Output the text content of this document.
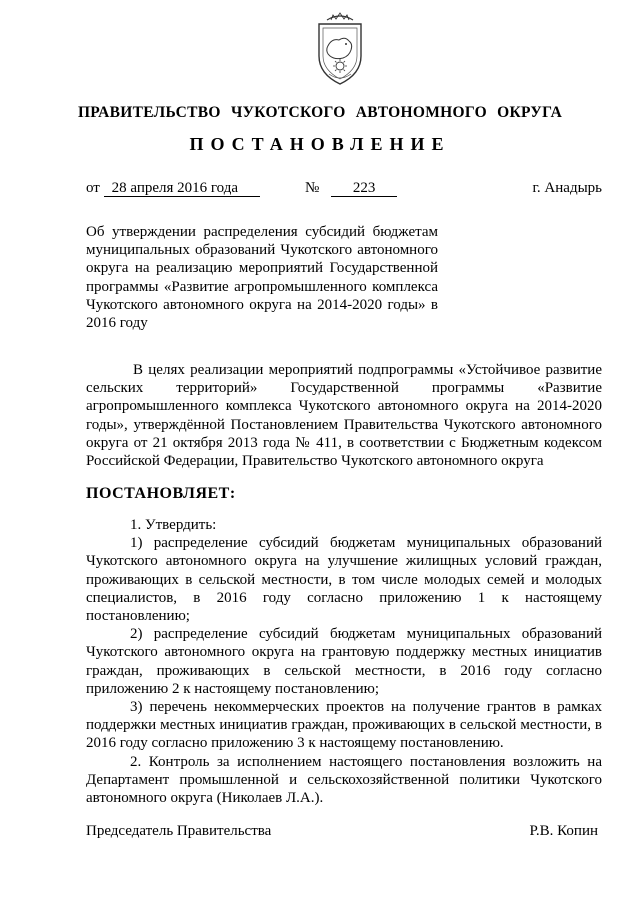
ПРАВИТЕЛЬСТВО ЧУКОТСКОГО АВТОНОМНОГО ОКРУГА
ПОСТАНОВЛЕНИЕ
от 28 апреля 2016 года	№ 223	г. Анадырь
Об утверждении распределения субсидий бюджетам муниципальных образований Чукотского автономного округа на реализацию мероприятий Государственной программы «Развитие агропромышленного комплекса Чукотского автономного округа на 2014-2020 годы» в 2016 году

В целях реализации мероприятий подпрограммы «Устойчивое развитие сельских территорий» Государственной программы «Развитие агропромышленного комплекса Чукотского автономного округа на 2014-2020 годы», утверждённой Постановлением Правительства Чукотского автономного округа от 21 октября 2013 года № 411, в соответствии с Бюджетным кодексом Российской Федерации, Правительство Чукотского автономного округа

ПОСТАНОВЛЯЕТ:

1. Утвердить:

1) распределение субсидий бюджетам муниципальных образований Чукотского автономного округа на улучшение жилищных условий граждан, проживающих в сельской местности, в том числе молодых семей и молодых специалистов, в 2016 году согласно приложению 1 к настоящему постановлению;

2) распределение субсидий бюджетам муниципальных образований Чукотского автономного округа на грантовую поддержку местных инициатив граждан, проживающих в сельской местности, в 2016 году согласно приложению 2 к настоящему постановлению;

3) перечень некоммерческих проектов на получение грантов в рамках поддержки местных инициатив граждан, проживающих в сельской местности, в 2016 году согласно приложению 3 к настоящему постановлению.

2. Контроль за исполнением настоящего постановления возложить на Департамент промышленной и сельскохозяйственной политики Чукотского автономного округа (Николаев Л.А.).

Председатель Правительства	Р.В. Копин
